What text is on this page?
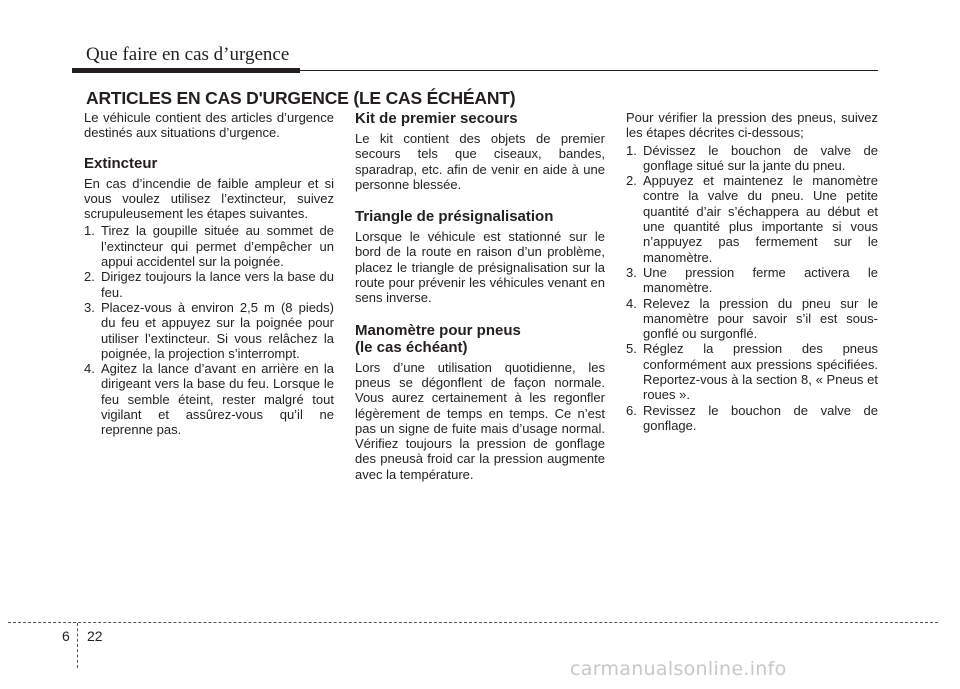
Que faire en cas d’urgence
ARTICLES EN CAS D'URGENCE (LE CAS ÉCHÉANT)

Le véhicule contient des articles d’urgence destinés aux situations d’urgence.

Extincteur

En cas d’incendie de faible ampleur et si vous voulez utilisez l’extincteur, suivez scrupuleusement les étapes suivantes.

1. Tirez la goupille située au sommet de l’extincteur qui permet d’empêcher un appui accidentel sur la poignée.
2. Dirigez toujours la lance vers la base du feu.
3. Placez-vous à environ 2,5 m (8 pieds) du feu et appuyez sur la poignée pour utiliser l’extincteur. Si vous relâchez la poignée, la projection s’interrompt.
4. Agitez la lance d’avant en arrière en la dirigeant vers la base du feu. Lorsque le feu semble éteint, rester malgré tout vigilant et assûrez-vous qu’il ne reprenne pas.
Kit de premier secours

Le kit contient des objets de premier secours tels que ciseaux, bandes, sparadrap, etc. afin de venir en aide à une personne blessée.

Triangle de présignalisation

Lorsque le véhicule est stationné sur le bord de la route en raison d’un problème, placez le triangle de présignalisation sur la route pour prévenir les véhicules venant en sens inverse.

Manomètre pour pneus
(le cas échéant)

Lors d’une utilisation quotidienne, les pneus se dégonflent de façon normale. Vous aurez certainement à les regonfler légèrement de temps en temps. Ce n’est pas un signe de fuite mais d’usage normal. Vérifiez toujours la pression de gonflage des pneusà froid car la pression augmente avec la température.

Pour vérifier la pression des pneus, suivez les étapes décrites ci-dessous;

1. Dévissez le bouchon de valve de gonflage situé sur la jante du pneu.
2. Appuyez et maintenez le manomètre contre la valve du pneu. Une petite quantité d’air s’échappera au début et une quantité plus importante si vous n’appuyez pas fermement sur le manomètre.
3. Une pression ferme activera le manomètre.
4. Relevez la pression du pneu sur le manomètre pour savoir s’il est sous-gonflé ou surgonflé.
5. Réglez la pression des pneus conformément aux pressions spécifiées. Reportez-vous à la section 8, « Pneus et roues ».
6. Revissez le bouchon de valve de gonflage.
6 22
carmanualsonline.info
